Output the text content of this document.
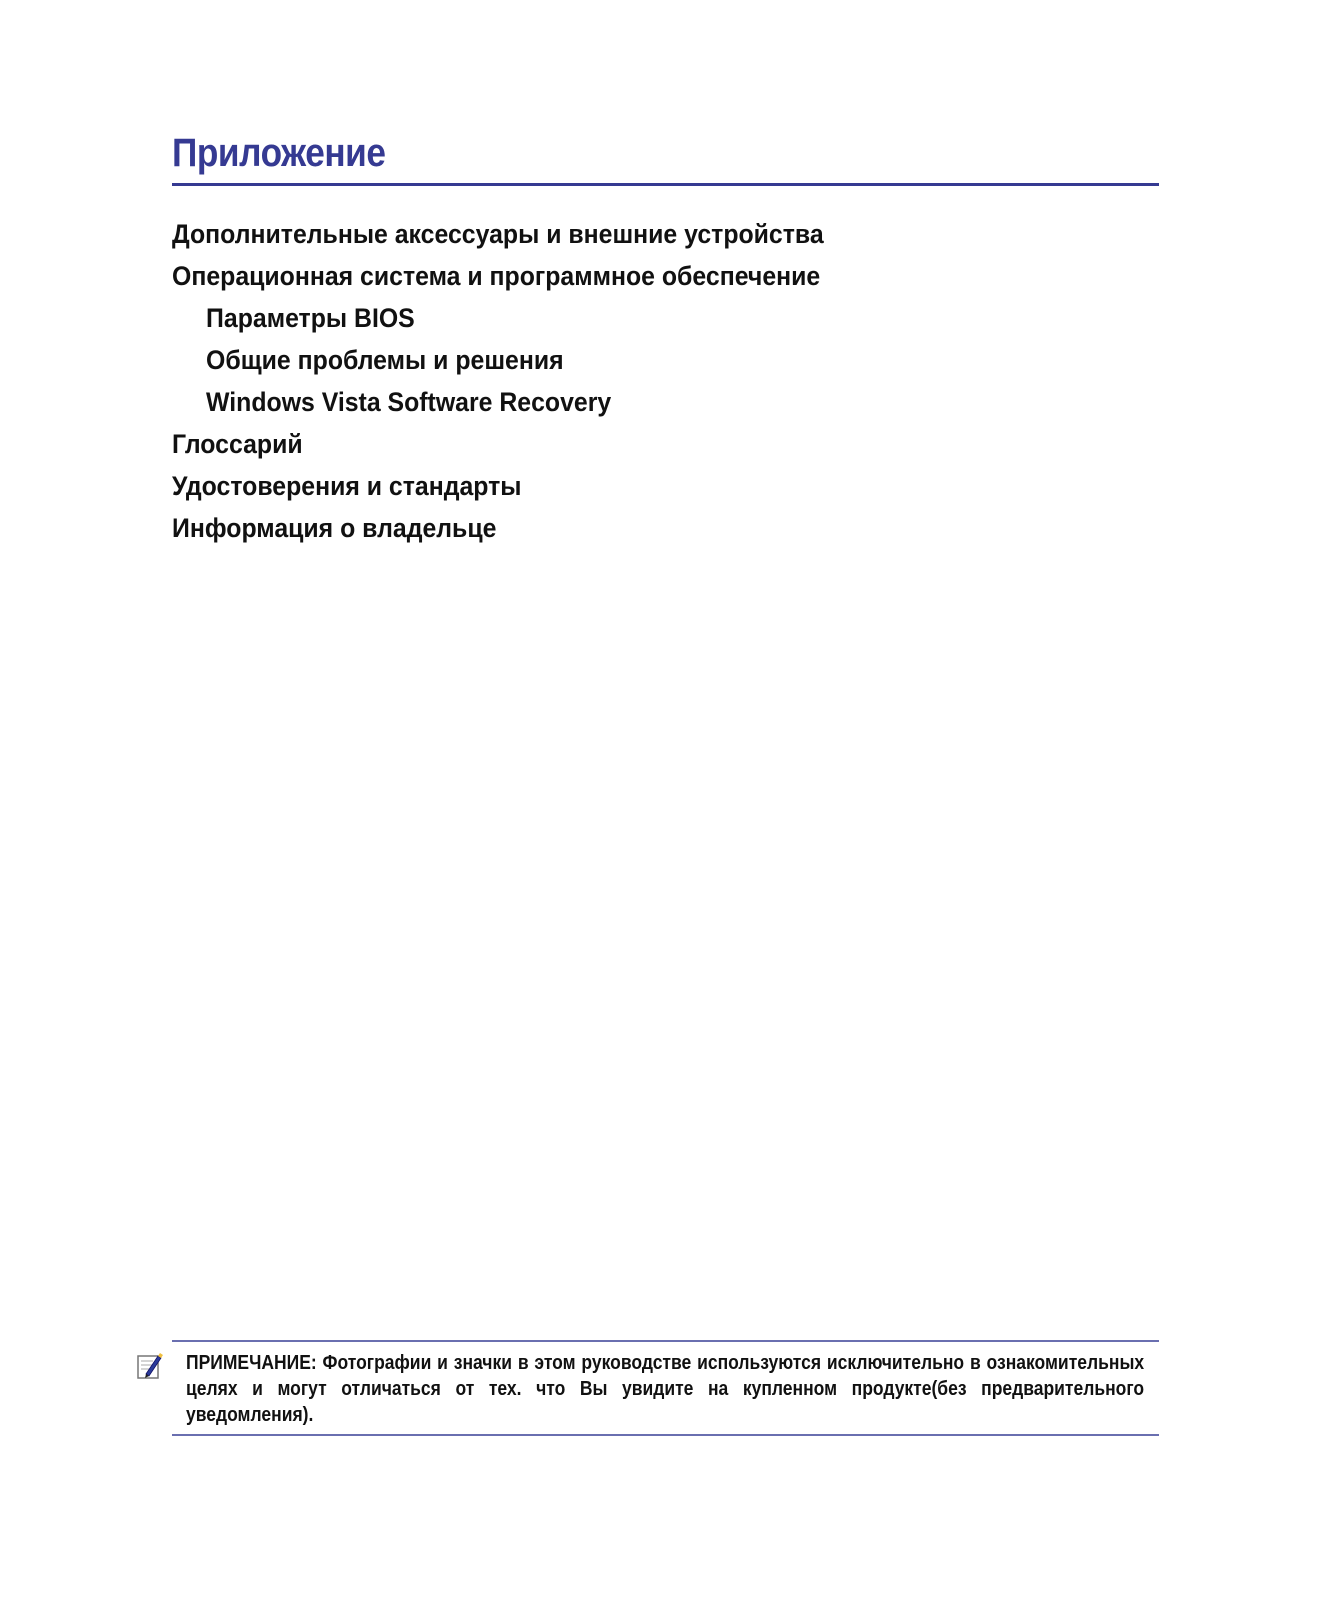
Приложение
Дополнительные аксессуары и внешние устройства
Операционная система и программное обеспечение
Параметры BIOS
Общие проблемы и решения
Windows Vista Software Recovery
Глоссарий
Удостоверения и стандарты
Информация о владельце

ПРИМЕЧАНИЕ: Фотографии и значки в этом руководстве используются исключительно в ознакомительных целях и могут отличаться от тех. что Вы увидите на купленном продукте(без предварительного уведомления).
